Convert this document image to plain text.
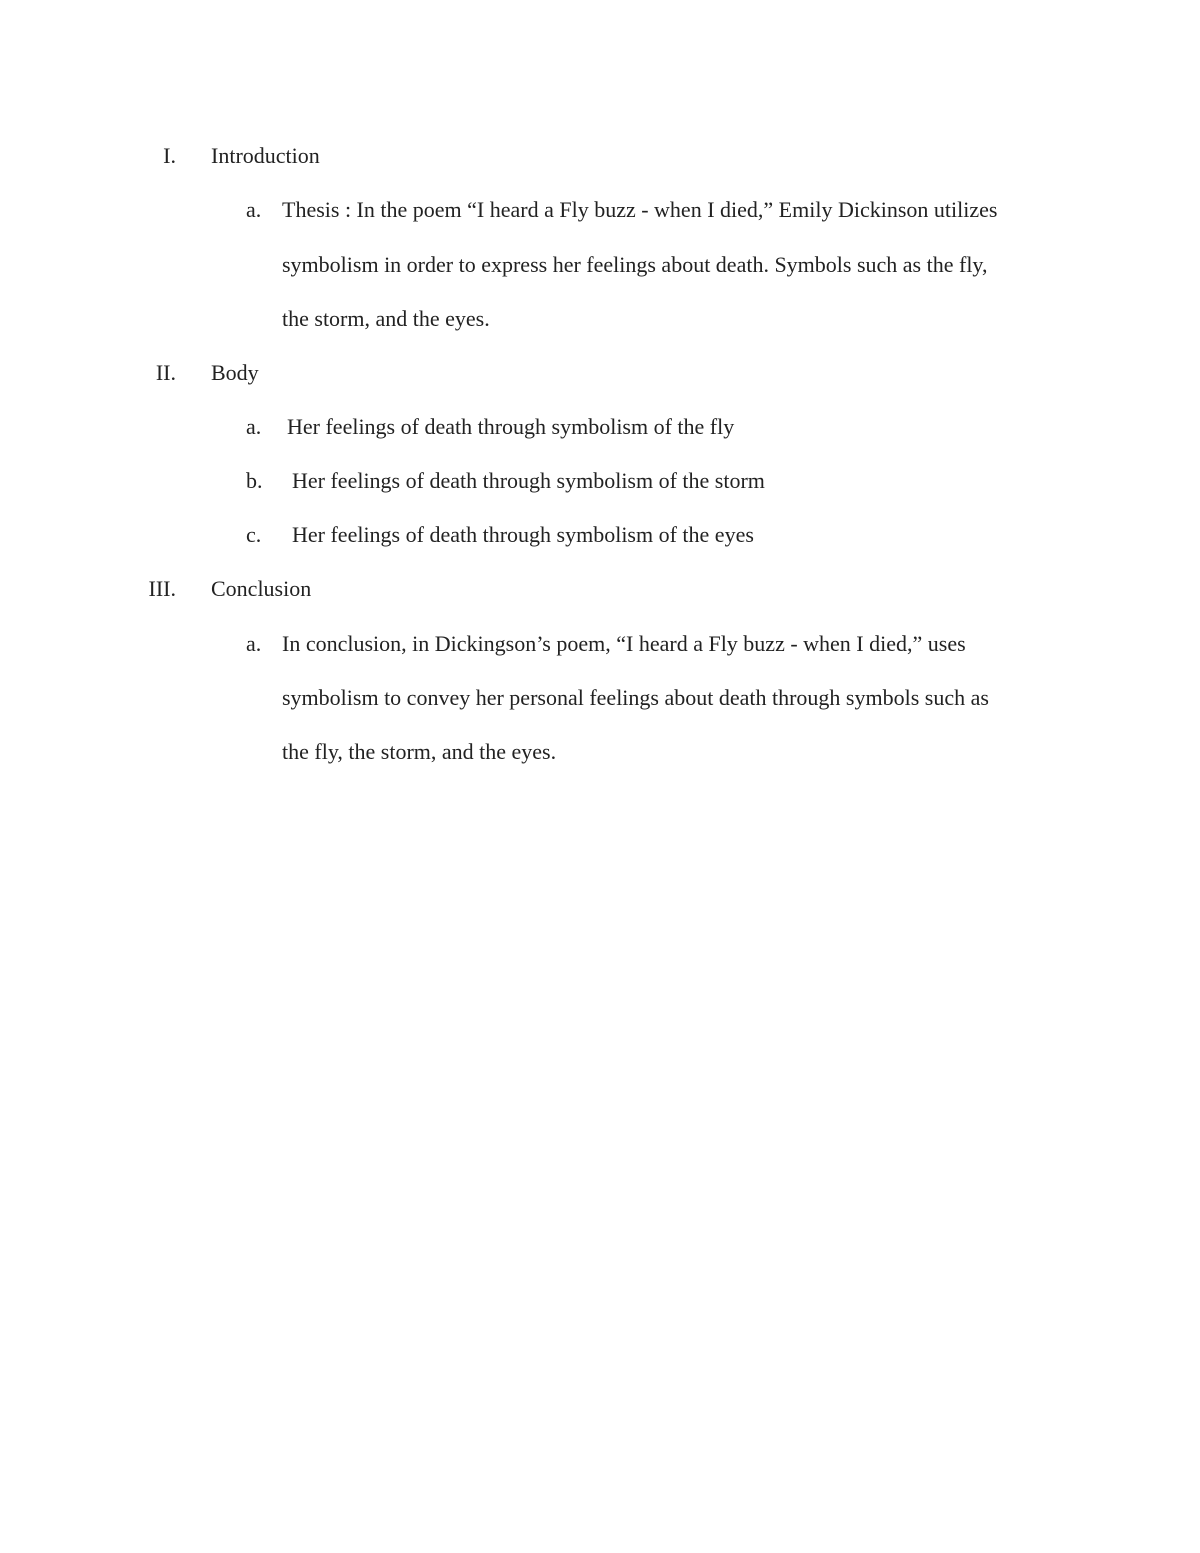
I. Introduction
a. Thesis : In the poem “I heard a Fly buzz - when I died,” Emily Dickinson utilizes
symbolism in order to express her feelings about death. Symbols such as the fly,
the storm, and the eyes.
II. Body
a.	Her feelings of death through symbolism of the fly
b.	Her feelings of death through symbolism of the storm
c.	Her feelings of death through symbolism of the eyes
III. Conclusion
a. In conclusion, in Dickingson’s poem, “I heard a Fly buzz - when I died,” uses
symbolism to convey her personal feelings about death through symbols such as
the fly, the storm, and the eyes.
